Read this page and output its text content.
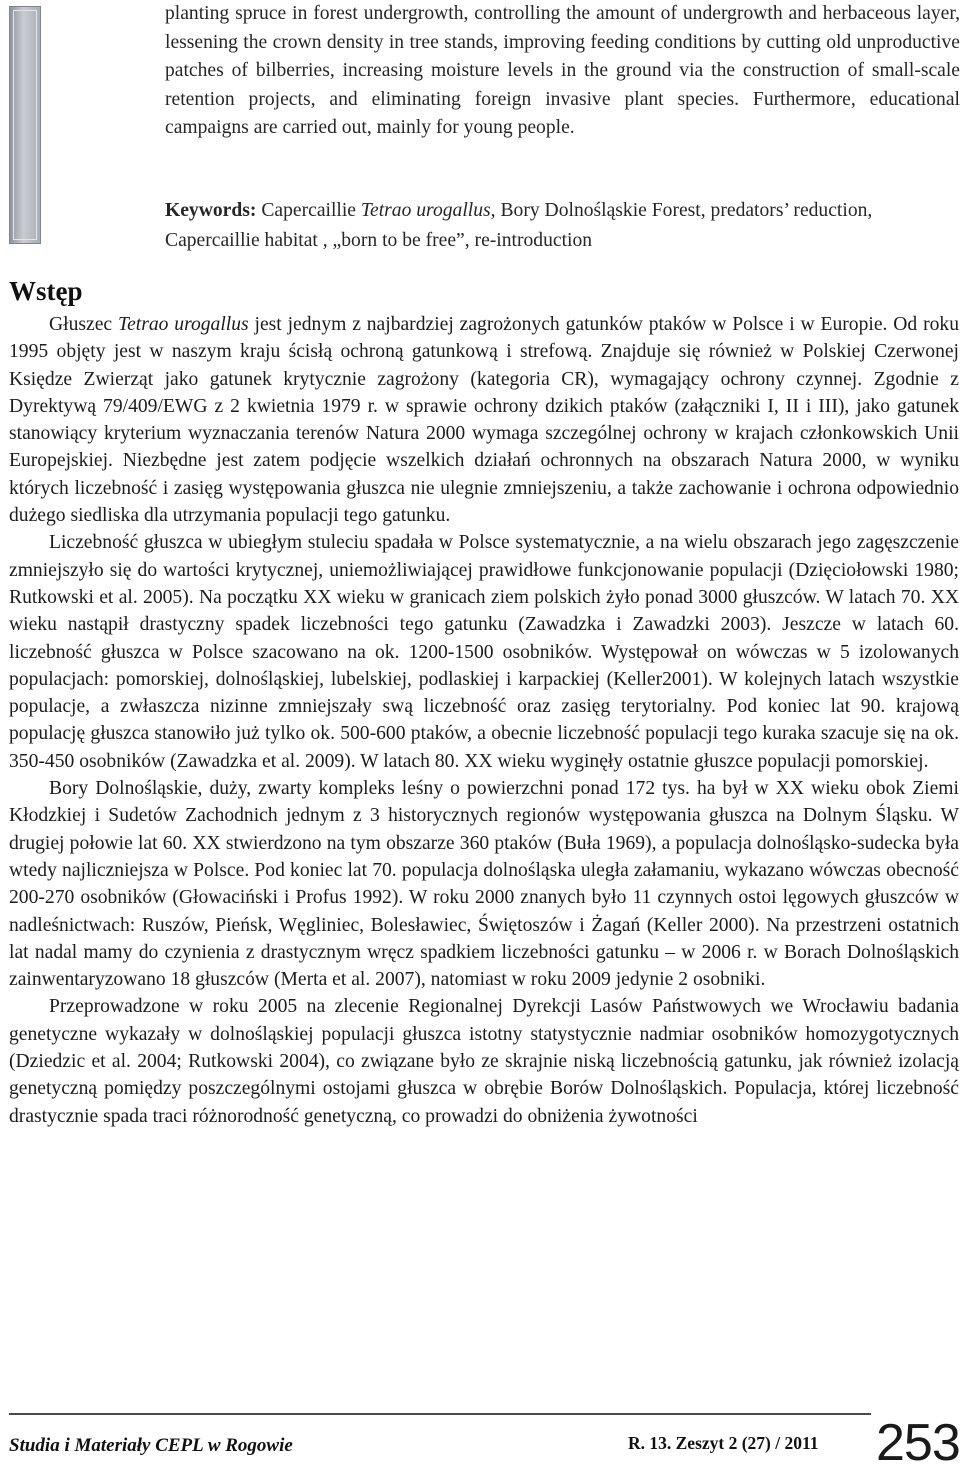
planting spruce in forest undergrowth, controlling the amount of undergrowth and herbaceous layer, lessening the crown density in tree stands, improving feeding conditions by cutting old unproductive patches of bilberries, increasing moisture levels in the ground via the construction of small-scale retention projects, and eliminating foreign invasive plant species. Furthermore, educational campaigns are carried out, mainly for young people.

Keywords: Capercaillie Tetrao urogallus, Bory Dolnośląskie Forest, predators’ reduction, Capercaillie habitat , „born to be free”, re-introduction
Wstęp

Głuszec Tetrao urogallus jest jednym z najbardziej zagrożonych gatunków ptaków w Polsce i w Europie. Od roku 1995 objęty jest w naszym kraju ścisłą ochroną gatunkową i strefową. Znajduje się również w Polskiej Czerwonej Księdze Zwierząt jako gatunek krytycznie zagrożony (kategoria CR), wymagający ochrony czynnej. Zgodnie z Dyrektywą 79/409/EWG z 2 kwietnia 1979 r. w sprawie ochrony dzikich ptaków (załączniki I, II i III), jako gatunek stanowiący kryterium wyznaczania terenów Natura 2000 wymaga szczególnej ochrony w krajach członkowskich Unii Europejskiej. Niezbędne jest zatem podjęcie wszelkich działań ochronnych na obszarach Natura 2000, w wyniku których liczebność i zasięg występowania głuszca nie ulegnie zmniejszeniu, a także zachowanie i ochrona odpowiednio dużego siedliska dla utrzymania populacji tego gatunku.

Liczebność głuszca w ubiegłym stuleciu spadała w Polsce systematycznie, a na wielu obszarach jego zagęszczenie zmniejszyło się do wartości krytycznej, uniemożliwiającej prawidłowe funkcjonowanie populacji (Dzięciołowski 1980; Rutkowski et al. 2005). Na początku XX wieku w granicach ziem polskich żyło ponad 3000 głuszców. W latach 70. XX wieku nastąpił drastyczny spadek liczebności tego gatunku (Zawadzka i Zawadzki 2003). Jeszcze w latach 60. liczebność głuszca w Polsce szacowano na ok. 1200-1500 osobników. Występował on wówczas w 5 izolowanych populacjach: pomorskiej, dolnośląskiej, lubelskiej, podlaskiej i karpackiej (Keller2001). W kolejnych latach wszystkie populacje, a zwłaszcza nizinne zmniejszały swą liczebność oraz zasięg terytorialny. Pod koniec lat 90. krajową populację głuszca stanowiło już tylko ok. 500-600 ptaków, a obecnie liczebność populacji tego kuraka szacuje się na ok. 350-450 osobników (Zawadzka et al. 2009). W latach 80. XX wieku wyginęły ostatnie głuszce populacji pomorskiej.

Bory Dolnośląskie, duży, zwarty kompleks leśny o powierzchni ponad 172 tys. ha był w XX wieku obok Ziemi Kłodzkiej i Sudetów Zachodnich jednym z 3 historycznych regionów występowania głuszca na Dolnym Śląsku. W drugiej połowie lat 60. XX stwierdzono na tym obszarze 360 ptaków (Buła 1969), a populacja dolnośląsko-sudecka była wtedy najliczniejsza w Polsce. Pod koniec lat 70. populacja dolnośląska uległa załamaniu, wykazano wówczas obecność 200-270 osobników (Głowaciński i Profus 1992). W roku 2000 znanych było 11 czynnych ostoi lęgowych głuszców w nadleśnictwach: Ruszów, Pieńsk, Węgliniec, Bolesławiec, Świętoszów i Żagań (Keller 2000). Na przestrzeni ostatnich lat nadal mamy do czynienia z drastycznym wręcz spadkiem liczebności gatunku – w 2006 r. w Borach Dolnośląskich zainwentaryzowano 18 głuszców (Merta et al. 2007), natomiast w roku 2009 jedynie 2 osobniki.

Przeprowadzone w roku 2005 na zlecenie Regionalnej Dyrekcji Lasów Państwowych we Wrocławiu badania genetyczne wykazały w dolnośląskiej populacji głuszca istotny statystycznie nadmiar osobników homozygotycznych (Dziedzic et al. 2004; Rutkowski 2004), co związane było ze skrajnie niską liczebnością gatunku, jak również izolacją genetyczną pomiędzy poszczególnymi ostojami głuszca w obrębie Borów Dolnośląskich. Populacja, której liczebność drastycznie spada traci różnorodność genetyczną, co prowadzi do obniżenia żywotności

Studia i Materiały CEPL w Rogowie	R. 13. Zeszyt 2 (27) / 2011 253
